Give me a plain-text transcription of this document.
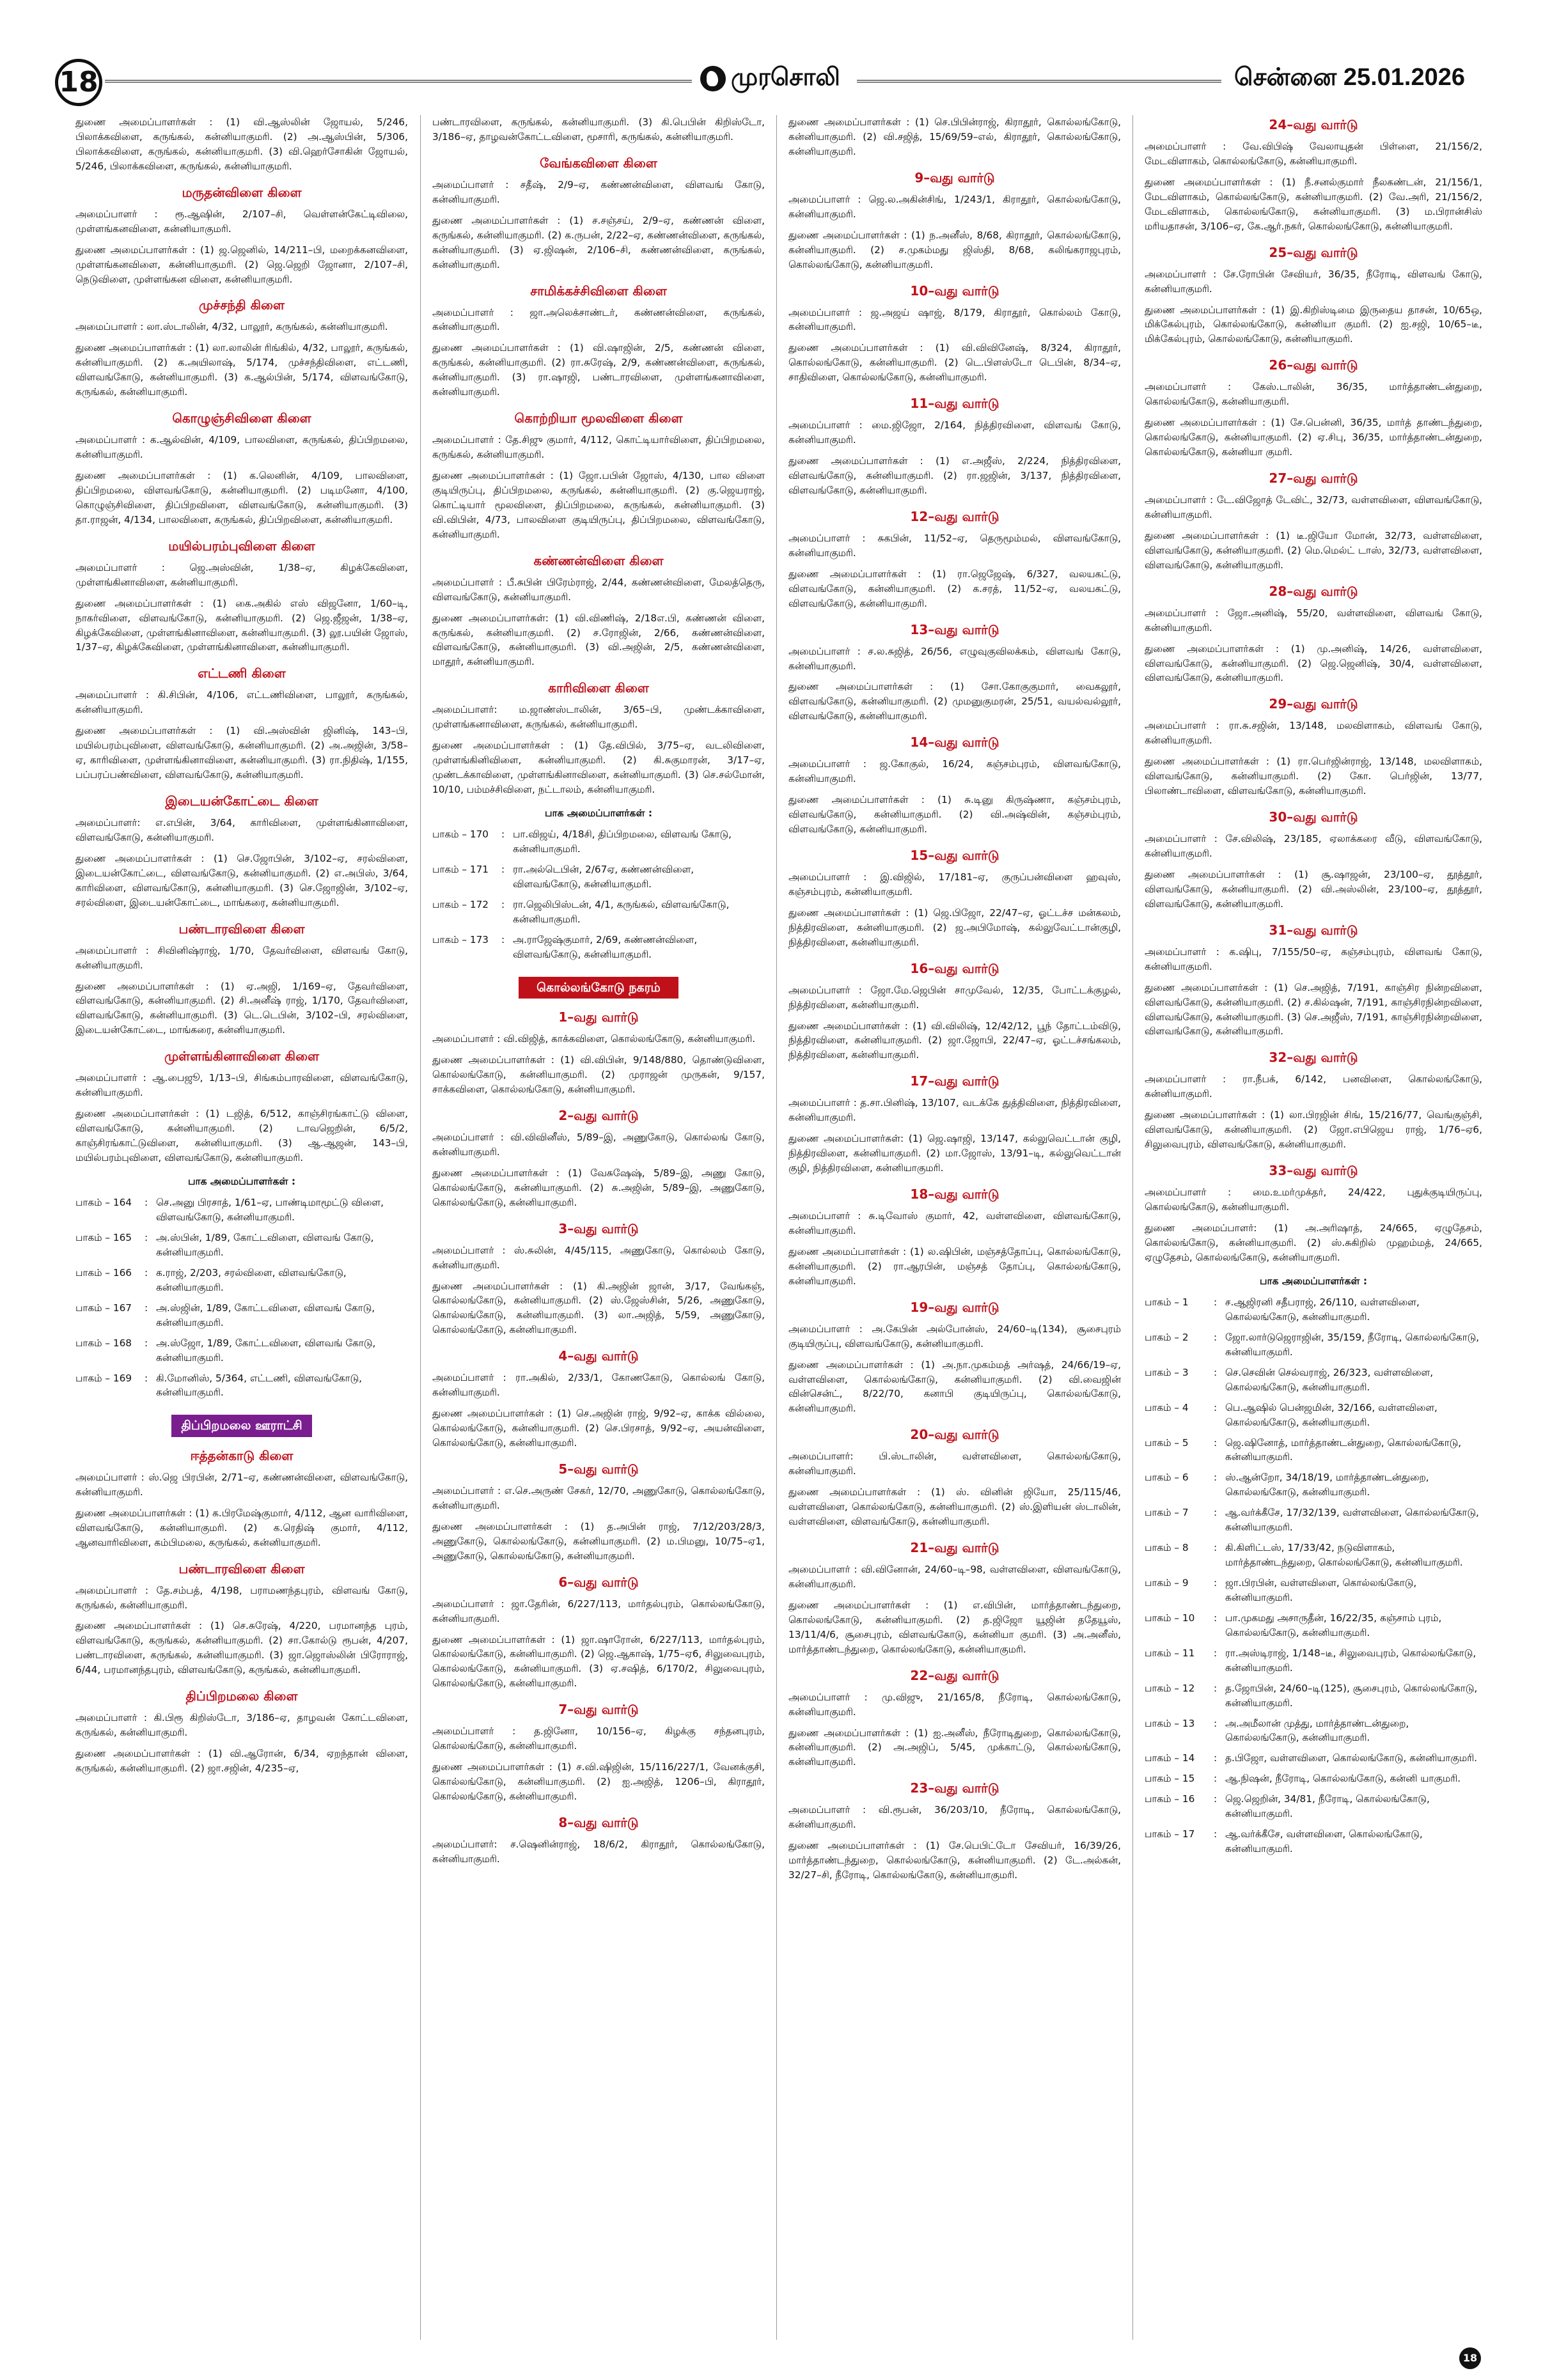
18	முரசொலி	சென்னை 25.01.2026

துணை அமைப்பாளர்கள் : (1) வி.ஆஸ்லின் ஜோயல், 5/246, பிலாக்கவிளை, கருங்கல், கன்னியாகுமரி. (2) அ.ஆஸ்பின், 5/306, பிலாக்கவிளை, கருங்கல், கன்னியாகுமரி. (3) வி.ஹெர்சோகின் ஜோயல், 5/246, பிலாக்கவிளை, கருங்கல், கன்னியாகுமரி.

மருதன்விளை கிளை

அமைப்பாளர் : ரூ.ஆஷின், 2/107–சி, வெள்ளன்கேட்டிவிலை, முள்ளங்கனவிளை, கன்னியாகுமரி.

துணை அமைப்பாளர்கள் : (1) ஜ.ஜெனில், 14/211–பி, மறைக்கனவிளை, முள்ளங்கனவிளை, கன்னியாகுமரி. (2) ஜெ.ஜெறி ஜோனா, 2/107–சி, நெடுவிளை, முள்ளங்கன விளை, கன்னியாகுமரி.

முச்சந்தி கிளை

அமைப்பாளர் : லா.ஸ்டாலின், 4/32, பாலூர், கருங்கல், கன்னியாகுமரி.

துணை அமைப்பாளர்கள் : (1) லா.லாலின் ரிங்கில், 4/32, பாலூர், கருங்கல், கன்னியாகுமரி. (2) க.அயிலாஷ், 5/174, முச்சந்திவிளை, எட்டணி, விளவங்கோடு, கன்னியாகுமரி. (3) க.ஆல்பின், 5/174, விளவங்கோடு, கருங்கல், கன்னியாகுமரி.

கொழுஞ்சிவிளை கிளை

அமைப்பாளர் : க.ஆல்வின், 4/109, பாலவிளை, கருங்கல், திப்பிறமலை, கன்னியாகுமரி.

துணை அமைப்பாளர்கள் : (1) க.லெனின், 4/109, பாலவிளை, திப்பிறமலை, விளவங்கோடு, கன்னியாகுமரி. (2) படிமனோ, 4/100, கொழுஞ்சிவிளை, திப்பிறவிளை, விளவங்கோடு, கன்னியாகுமரி. (3) தா.ராஜன், 4/134, பாலவிளை, கருங்கல், திப்பிறவிளை, கன்னியாகுமரி.

மயில்பரம்புவிளை கிளை

அமைப்பாளர் : ஜெ.அஸ்வின், 1/38–ஏ, கிழக்கேவிளை, முள்ளங்கினாவிளை, கன்னியாகுமரி.

துணை அமைப்பாளர்கள் : (1) கை.அகில் எஸ் விஜனோ, 1/60–டி, நாகர்விளை, விளவங்கோடு, கன்னியாகுமரி. (2) ஜெ.ஜீஜன், 1/38–ஏ, கிழக்கேவிளை, முள்ளங்கினாவிளை, கன்னியாகுமரி. (3) லூ.பயின் ஜோஸ், 1/37–ஏ, கிழக்கேவிளை, முள்ளங்கினாவிளை, கன்னியாகுமரி.

எட்டணி கிளை

அமைப்பாளர் : கி.சிபின், 4/106, எட்டணிவிளை, பாலூர், கருங்கல், கன்னியாகுமரி.

துணை அமைப்பாளர்கள் : (1) வி.அஸ்வின் ஜினிஷ், 143–பி, மயில்பரம்புவிளை, விளவங்கோடு, கன்னியாகுமரி. (2) அ.அஜின், 3/58–ஏ, காரிவிளை, முள்ளங்கினாவிளை, கன்னியாகுமரி. (3) ரா.நிதிஷ், 1/155, பப்பரப்பண்விளை, விளவங்கோடு, கன்னியாகுமரி.

இடையன்கோட்டை கிளை

அமைப்பாளர்: எ.எபின், 3/64, காரிவிளை, முள்ளங்கினாவிளை, விளவங்கோடு, கன்னியாகுமரி.

துணை அமைப்பாளர்கள் : (1) செ.ஜோபின், 3/102–ஏ, சரல்விளை, இடையன்கோட்டை, விளவங்கோடு, கன்னியாகுமரி. (2) எ.அபிஸ், 3/64, காரிவிளை, விளவங்கோடு, கன்னியாகுமரி. (3) செ.ஜோஜின், 3/102–ஏ, சரல்விளை, இடையன்கோட்டை, மாங்கரை, கன்னியாகுமரி.

பண்டாரவிளை கிளை

அமைப்பாளர் : சிவினிஷ்ராஜ், 1/70, தேவர்விளை, விளவங் கோடு, கன்னியாகுமரி.

துணை அமைப்பாளர்கள் : (1) ஏ.அஜி, 1/169–ஏ, தேவர்விளை, விளவங்கோடு, கன்னியாகுமரி. (2) சி.அனீஷ் ராஜ், 1/170, தேவர்விளை, விளவங்கோடு, கன்னியாகுமரி. (3) டெ.டெபின், 3/102–பி, சரல்விளை, இடையன்கோட்டை, மாங்கரை, கன்னியாகுமரி.

முள்ளங்கினாவிளை கிளை

அமைப்பாளர் : ஆ.பைஜூ, 1/13–பி, சிங்கம்பாரவிளை, விளவங்கோடு, கன்னியாகுமரி.

துணை அமைப்பாளர்கள் : (1) டஜித், 6/512, காஞ்சிரங்காட்டு விளை, விளவங்கோடு, கன்னியாகுமரி. (2) டாவஜெறின், 6/5/2, காஞ்சிரங்காட்டுவிளை, கன்னியாகுமரி. (3) ஆ.ஆஜன், 143–பி, மயில்பரம்புவிளை, விளவங்கோடு, கன்னியாகுமரி.

பாக அமைப்பாளர்கள் :
பாகம் – 164	:	செ.அனு பிரசாத், 1/61–ஏ, பாண்டிமாமூட்டு விளை, விளவங்கோடு, கன்னியாகுமரி.
பாகம் – 165	:	அ.ஸ்பின், 1/89, கோட்டவிளை, விளவங் கோடு, கன்னியாகுமரி.
பாகம் – 166	:	க.ராஜ், 2/203, சரல்விளை, விளவங்கோடு, கன்னியாகுமரி.
பாகம் – 167	:	அ.ஸ்ஜின், 1/89, கோட்டவிளை, விளவங் கோடு, கன்னியாகுமரி.
பாகம் – 168	:	அ.ஸ்ஜோ, 1/89, கோட்டவிளை, விளவங் கோடு, கன்னியாகுமரி.
பாகம் – 169	:	கி.மோனிஸ், 5/364, எட்டணி, விளவங்கோடு, கன்னியாகுமரி.
திப்பிறமலை ஊராட்சி
ஈத்தன்காடு கிளை

அமைப்பாளர் : ஸ்.ஜெ பிரபின், 2/71–ஏ, கண்ணன்விளை, விளவங்கோடு, கன்னியாகுமரி.

துணை அமைப்பாளர்கள் : (1) க.பிரமேஷ்குமார், 4/112, ஆன வாரிவிளை, விளவங்கோடு, கன்னியாகுமரி. (2) க.ரெதிஷ் குமார், 4/112, ஆனவாரிவிளை, கம்பிமலை, கருங்கல், கன்னியாகுமரி.

பண்டாரவிளை கிளை

அமைப்பாளர் : தே.சம்பத், 4/198, பராமணந்தபுரம், விளவங் கோடு, கருங்கல், கன்னியாகுமரி.

துணை அமைப்பாளர்கள் : (1) செ.சுரேஷ், 4/220, பரமானந்த புரம், விளவங்கோடு, கருங்கல், கன்னியாகுமரி. (2) சா.கோல்டு ரூபன், 4/207, பண்டாரவிளை, கருங்கல், கன்னியாகுமரி. (3) ஜா.ஜொஸ்லின் பிரோராஜ், 6/44, பரமானந்தபுரம், விளவங்கோடு, கருங்கல், கன்னியாகுமரி.

திப்பிறமலை கிளை

அமைப்பாளர் : கி.பிரூ கிறிஸ்டோ, 3/186–ஏ, தாழவன் கோட்டவிளை, கருங்கல், கன்னியாகுமரி.

துணை அமைப்பாளர்கள் : (1) வி.ஆரோன், 6/34, ஏறந்தான் விளை, கருங்கல், கன்னியாகுமரி. (2) ஜா.சஜின், 4/235–ஏ,

பண்டாரவிளை, கருங்கல், கன்னியாகுமரி. (3) கி.பெபின் கிறிஸ்டோ, 3/186–ஏ, தாழவன்கோட்டவிளை, மூசாரி, கருங்கல், கன்னியாகுமரி.

வேங்கவிளை கிளை

அமைப்பாளர் : சதீஷ், 2/9–ஏ, கண்ணன்விளை, விளவங் கோடு, கன்னியாகுமரி.

துணை அமைப்பாளர்கள் : (1) ச.சஞ்சய், 2/9–ஏ, கண்ணன் விளை, கருங்கல், கன்னியாகுமரி. (2) க.ருபன், 2/22–ஏ, கண்ணன்விளை, கருங்கல், கன்னியாகுமரி. (3) ஏ.ஜிஷன், 2/106–சி, கண்ணன்விளை, கருங்கல், கன்னியாகுமரி.

சாமிக்கச்சிவிளை கிளை

அமைப்பாளர் : ஜா.அலெக்சாண்டர், கண்ணன்விளை, கருங்கல், கன்னியாகுமரி.

துணை அமைப்பாளர்கள் : (1) வி.ஷாஜின், 2/5, கண்ணன் விளை, கருங்கல், கன்னியாகுமரி. (2) ரா.சுரேஷ், 2/9, கண்ணன்விளை, கருங்கல், கன்னியாகுமரி. (3) ரா.ஷாஜி, பண்டாரவிளை, முள்ளங்கனாவிளை, கன்னியாகுமரி.

கொற்றியா மூலவிளை கிளை

அமைப்பாளர் : தே.சிஜு குமார், 4/112, கொட்டியார்விளை, திப்பிறமலை, கருங்கல், கன்னியாகுமரி.

துணை அமைப்பாளர்கள் : (1) ஜோ.பபின் ஜோஸ், 4/130, பால விளை குடியிருப்பு, திப்பிறமலை, கருங்கல், கன்னியாகுமரி. (2) கு.ஜெயராஜ், கொட்டியார் மூலவிளை, திப்பிறமலை, கருங்கல், கன்னியாகுமரி. (3) வி.விபின், 4/73, பாலவிளை குடியிருப்பு, திப்பிறமலை, விளவங்கோடு, கன்னியாகுமரி.

கண்ணன்விளை கிளை

அமைப்பாளர் : பீ.சுபின் பிரேம்ராஜ், 2/44, கண்ணன்விளை, மேலத்தெரு, விளவங்கோடு, கன்னியாகுமரி.

துணை அமைப்பாளர்கள்: (1) வி.விணிஷ், 2/18எ.பி, கண்ணன் விளை, கருங்கல், கன்னியாகுமரி. (2) ச.ரோஜின், 2/66, கண்ணன்விளை, விளவங்கோடு, கன்னியாகுமரி. (3) வி.அஜின், 2/5, கண்ணன்விளை, மாதூர், கன்னியாகுமரி.

காரிவிளை கிளை

அமைப்பாளர்: ம.ஜாண்ஸ்டாலின், 3/65–பி, முண்டக்காவிளை, முள்ளங்கனாவிளை, கருங்கல், கன்னியாகுமரி.

துணை அமைப்பாளர்கள் : (1) தே.விபில், 3/75–ஏ, வடலிவிளை, முள்ளங்கினிவிளை, கன்னியாகுமரி. (2) கி.சுகுமாரன், 3/17–ஏ, முண்டக்காவிளை, முள்ளங்கினாவிளை, கன்னியாகுமரி. (3) செ.சல்மோன், 10/10, பம்மச்சிவிளை, நட்டாலம், கன்னியாகுமரி.

பாக அமைப்பாளர்கள் :
பாகம் – 170	:	பா.விஜய், 4/18சி, திப்பிறமலை, விளவங் கோடு, கன்னியாகுமரி.
பாகம் – 171	:	ரா.அல்டெபின், 2/67ஏ, கண்ணன்விளை, விளவங்கோடு, கன்னியாகுமரி.
பாகம் – 172	:	ரா.ஜெலிபிஸ்டன், 4/1, கருங்கல், விளவங்கோடு, கன்னியாகுமரி.
பாகம் – 173	:	அ.ராஜேஷ்குமார், 2/69, கண்ணன்விளை, விளவங்கோடு, கன்னியாகுமரி.
கொல்லங்கோடு நகரம்
1–வது வார்டு

அமைப்பாளர் : வி.விஜித், காக்கவிளை, கொல்லங்கோடு, கன்னியாகுமரி.

துணை அமைப்பாளர்கள் : (1) வி.விபின், 9/148/880, தொண்டுவிளை, கொல்லங்கோடு, கன்னியாகுமரி. (2) முராஜன் முருகன், 9/157, சாக்கவிளை, கொல்லங்கோடு, கன்னியாகுமரி.

2–வது வார்டு

அமைப்பாளர் : வி.விவினீஸ், 5/89–இ, அணுகோடு, கொல்லங் கோடு, கன்னியாகுமரி.

துணை அமைப்பாளர்கள் : (1) வேசுஷேஷ், 5/89–இ, அணு கோடு, கொல்லங்கோடு, கன்னியாகுமரி. (2) சு.அஜின், 5/89–இ, அணுகோடு, கொல்லங்கோடு, கன்னியாகுமரி.

3–வது வார்டு

அமைப்பாளர் : ஸ்.சுலின், 4/45/115, அணுகோடு, கொல்லம் கோடு, கன்னியாகுமரி.

துணை அமைப்பாளர்கள் : (1) கி.அஜின் ஜான், 3/17, வேங்கஞ், கொல்லங்கோடு, கன்னியாகுமரி. (2) ஸ்.ஜேஸ்சின், 5/26, அணுகோடு, கொல்லங்கோடு, கன்னியாகுமரி. (3) லா.அஜித், 5/59, அணுகோடு, கொல்லங்கோடு, கன்னியாகுமரி.

4–வது வார்டு

அமைப்பாளர் : ரா.அகில், 2/33/1, கோணகோடு, கொல்லங் கோடு, கன்னியாகுமரி.

துணை அமைப்பாளர்கள் : (1) செ.அஜின் ராஜ், 9/92–ஏ, காக்க வில்லை, கொல்லங்கோடு, கன்னியாகுமரி. (2) செ.பிரசாத், 9/92–ஏ, அயன்விளை, கொல்லங்கோடு, கன்னியாகுமரி.

5–வது வார்டு

அமைப்பாளர் : எ.செ.அருண் சேகர், 12/70, அணுகோடு, கொல்லங்கோடு, கன்னியாகுமரி.

துணை அமைப்பாளர்கள் : (1) த.அபின் ராஜ், 7/12/203/28/3, அணுகோடு, கொல்லங்கோடு, கன்னியாகுமரி. (2) ம.பிமனு, 10/75–ஏ1, அணுகோடு, கொல்லங்கோடு, கன்னியாகுமரி.

6–வது வார்டு

அமைப்பாளர் : ஜா.தேரின், 6/227/113, மார்தல்புரம், கொல்லங்கோடு, கன்னியாகுமரி.

துணை அமைப்பாளர்கள் : (1) ஜா.ஷாரோன், 6/227/113, மார்தல்புரம், கொல்லங்கோடு, கன்னியாகுமரி. (2) ஜெ.ஆகாஷ், 1/75–ஏ6, சிலுவைபுரம், கொல்லங்கோடு, கன்னியாகுமரி. (3) ஏ.சஷித், 6/170/2, சிலுவைபுரம், கொல்லங்கோடு, கன்னியாகுமரி.

7–வது வார்டு

அமைப்பாளர் : த.ஜினோ, 10/156–ஏ, கிழக்கு சந்தனபுரம், கொல்லங்கோடு, கன்னியாகுமரி.

துணை அமைப்பாளர்கள் : (1) ச.வி.ஷிஜின், 15/116/227/1, வேனக்குசி, கொல்லங்கோடு, கன்னியாகுமரி. (2) ஐ.அஜித், 1206–பி, கிராதூர், கொல்லங்கோடு, கன்னியாகுமரி.

8–வது வார்டு

அமைப்பாளர்: ச.ஷெனின்ராஜ், 18/6/2, கிராதூர், கொல்லங்கோடு, கன்னியாகுமரி.

துணை அமைப்பாளர்கள் : (1) செ.பிபின்ராஜ், கிராதூர், கொல்லங்கோடு, கன்னியாகுமரி. (2) வி.சஜித், 15/69/59–எல், கிராதூர், கொல்லங்கோடு, கன்னியாகுமரி.

9–வது வார்டு

அமைப்பாளர் : ஜெ.ல.அகின்சிங், 1/243/1, கிராதூர், கொல்லங்கோடு, கன்னியாகுமரி.

துணை அமைப்பாளர்கள் : (1) ந.அனீஸ், 8/68, கிராதூர், கொல்லங்கோடு, கன்னியாகுமரி. (2) ச.முகம்மது ஜிஸ்தி, 8/68, கலிங்கராஜபுரம், கொல்லங்கோடு, கன்னியாகுமரி.

10–வது வார்டு

அமைப்பாளர் : ஜ.அஜய் ஷாஜ், 8/179, கிராதூர், கொல்லம் கோடு, கன்னியாகுமரி.

துணை அமைப்பாளர்கள் : (1) வி.விவினேஷ், 8/324, கிராதூர், கொல்லங்கோடு, கன்னியாகுமரி. (2) டெ.பிளஸ்டோ டெபின், 8/34–ஏ, சாதிவிளை, கொல்லங்கோடு, கன்னியாகுமரி.

11–வது வார்டு

அமைப்பாளர் : மை.ஜிஜோ, 2/164, நித்திரவிளை, விளவங் கோடு, கன்னியாகுமரி.

துணை அமைப்பாளர்கள் : (1) எ.அஜீஸ், 2/224, நித்திரவிளை, விளவங்கோடு, கன்னியாகுமரி. (2) ரா.ஜஜின், 3/137, நித்திரவிளை, விளவங்கோடு, கன்னியாகுமரி.

12–வது வார்டு

அமைப்பாளர் : சுகபின், 11/52–ஏ, தெருமூம்மல், விளவங்கோடு, கன்னியாகுமரி.

துணை அமைப்பாளர்கள் : (1) ரா.ஜெஜேஷ், 6/327, வலயகட்டு, விளவங்கோடு, கன்னியாகுமரி. (2) க.சரத், 11/52–ஏ, வலயகட்டு, விளவங்கோடு, கன்னியாகுமரி.

13–வது வார்டு

அமைப்பாளர் : ச.ல.சுஜித், 26/56, எழுவுகுவிலக்கம், விளவங் கோடு, கன்னியாகுமரி.

துணை அமைப்பாளர்கள் : (1) சோ.கோகுகுமார், வைகலூர், விளவங்கோடு, கன்னியாகுமரி. (2) முமனுகுமரன், 25/51, வயல்வல்லூர், விளவங்கோடு, கன்னியாகுமரி.

14–வது வார்டு

அமைப்பாளர் : ஜ.கோகுல், 16/24, கஞ்சம்புரம், விளவங்கோடு, கன்னியாகுமரி.

துணை அமைப்பாளர்கள் : (1) சு.டினு கிருஷ்ணா, கஞ்சம்புரம், விளவங்கோடு, கன்னியாகுமரி. (2) வி.அஷ்வின், கஞ்சம்புரம், விளவங்கோடு, கன்னியாகுமரி.

15–வது வார்டு

அமைப்பாளர் : இ.விஜில், 17/181–ஏ, குருப்பன்விளை ஹவுஸ், கஞ்சம்புரம், கன்னியாகுமரி.

துணை அமைப்பாளர்கள் : (1) ஜெ.பிஜோ, 22/47–ஏ, ஓட்டச்ச மன்கலம், நித்திரவிளை, கன்னியாகுமரி. (2) ஜ.அபிமோஷ், கல்லுவேட்டான்குழி, நித்திரவிளை, கன்னியாகுமரி.

16–வது வார்டு

அமைப்பாளர் : ஜோ.மே.ஜெபின் சாமுவேல், 12/35, போட்டக்குழல், நித்திரவிளை, கன்னியாகுமரி.

துணை அமைப்பாளர்கள் : (1) வி.விலிஷ், 12/42/12, பூந் தோட்டம்விடு, நித்திரவிளை, கன்னியாகுமரி. (2) ஜா.ஜோபி, 22/47–ஏ, ஓட்டச்சங்கலம், நித்திரவிளை, கன்னியாகுமரி.

17–வது வார்டு

அமைப்பாளர் : த.சா.பினிஷ், 13/107, வடக்கே துத்திவிளை, நித்திரவிளை, கன்னியாகுமரி.

துணை அமைப்பாளர்கள்: (1) ஜெ.ஷாஜி, 13/147, கல்லுவெட்டான் குழி, நித்திரவிளை, கன்னியாகுமரி. (2) மா.ஜோஸ், 13/91–டி, கல்லுவெட்டான் குழி, நித்திரவிளை, கன்னியாகுமரி.

18–வது வார்டு

அமைப்பாளர் : சு.டிவோஸ் குமார், 42, வள்ளவிளை, விளவங்கோடு, கன்னியாகுமரி.

துணை அமைப்பாளர்கள் : (1) ல.ஷிபின், மஞ்சத்தோப்பு, கொல்லங்கோடு, கன்னியாகுமரி. (2) ரா.ஆரபின், மஞ்சத் தோப்பு, கொல்லங்கோடு, கன்னியாகுமரி.

19–வது வார்டு

அமைப்பாளர் : அ.கேபின் அல்போன்ஸ், 24/60–டி(134), சூசைபுரம் குடியிருப்பு, விளவங்கோடு, கன்னியாகுமரி.

துணை அமைப்பாளர்கள் : (1) அ.நா.முகம்மத் அர்ஷத், 24/66/19–ஏ, வள்ளவிளை, கொல்லங்கோடு, கன்னியாகுமரி. (2) வி.வைஜின் வின்சென்ட், 8/22/70, கனாபி குடியிருப்பு, கொல்லங்கோடு, கன்னியாகுமரி.

20–வது வார்டு

அமைப்பாளர்: பி.ஸ்டாலின், வள்ளவிளை, கொல்லங்கோடு, கன்னியாகுமரி.

துணை அமைப்பாளர்கள் : (1) ஸ். வினின் ஜியோ, 25/115/46, வள்ளவிளை, கொல்லங்கோடு, கன்னியாகுமரி. (2) ஸ்.இளியன் ஸ்டாலின், வள்ளவிளை, விளவங்கோடு, கன்னியாகுமரி.

21–வது வார்டு

அமைப்பாளர் : வி.வினோன், 24/60–டி–98, வள்ளவிளை, விளவங்கோடு, கன்னியாகுமரி.

துணை அமைப்பாளர்கள் : (1) எ.விபின், மார்த்தாண்டந்துறை, கொல்லங்கோடு, கன்னியாகுமரி. (2) த.ஜிஜோ யூஜின் ததேயூஸ், 13/11/4/6, சூசைபுரம், விளவங்கோடு, கன்னியா குமரி. (3) அ.அனீஸ், மார்த்தாண்டந்துறை, கொல்லங்கோடு, கன்னியாகுமரி.

22–வது வார்டு

அமைப்பாளர் : மு.விஜு, 21/165/8, நீரோடி, கொல்லங்கோடு, கன்னியாகுமரி.

துணை அமைப்பாளர்கள் : (1) ஐ.அனீஸ், நீரோடிதுறை, கொல்லங்கோடு, கன்னியாகுமரி. (2) அ.அஜிப், 5/45, முக்காட்டு, கொல்லங்கோடு, கன்னியாகுமரி.

23–வது வார்டு

அமைப்பாளர் : வி.ரூபன், 36/203/10, நீரோடி, கொல்லங்கோடு, கன்னியாகுமரி.

துணை அமைப்பாளர்கள் : (1) சே.பெபிட்டோ சேவியர், 16/39/26, மார்த்தாண்டந்துறை, கொல்லங்கோடு, கன்னியாகுமரி. (2) டே.அல்கன், 32/27–சி, நீரோடி, கொல்லங்கோடு, கன்னியாகுமரி.

24–வது வார்டு

அமைப்பாளர் : வே.விபிஷ் வேலாயுதன் பிள்ளை, 21/156/2, மேடவிளாகம், கொல்லங்கோடு, கன்னியாகுமரி.

துணை அமைப்பாளர்கள் : (1) நீ.சனல்குமார் நீலகண்டன், 21/156/1, மேடவிளாகம், கொல்லங்கோடு, கன்னியாகுமரி. (2) வே.அரி, 21/156/2, மேடவிளாகம், கொல்லங்கோடு, கன்னியாகுமரி. (3) ம.பிரான்சிஸ் மரியதாசன், 3/106–ஏ, கே.ஆர்.நகர், கொல்லங்கோடு, கன்னியாகுமரி.

25–வது வார்டு

அமைப்பாளர் : சே.ரோபின் சேவியர், 36/35, நீரோடி, விளவங் கோடு, கன்னியாகுமரி.

துணை அமைப்பாளர்கள் : (1) இ.கிறிஸ்டிமை இருதைய தாசன், 10/65ஒ, மிக்கேல்புரம், கொல்லங்கோடு, கன்னியா குமரி. (2) ஐ.சஜி, 10/65–டீ, மிக்கேல்புரம், கொல்லங்கோடு, கன்னியாகுமரி.

26–வது வார்டு

அமைப்பாளர் : கேஸ்.டாலின், 36/35, மார்த்தாண்டன்துறை, கொல்லங்கோடு, கன்னியாகுமரி.

துணை அமைப்பாளர்கள் : (1) சே.பென்னி, 36/35, மார்த் தாண்டந்துறை, கொல்லங்கோடு, கன்னியாகுமரி. (2) ஏ.சிபு, 36/35, மார்த்தாண்டன்துறை, கொல்லங்கோடு, கன்னியா குமரி.

27–வது வார்டு

அமைப்பாளர் : டே.விஜோத் டேவிட், 32/73, வள்ளவிளை, விளவங்கோடு, கன்னியாகுமரி.

துணை அமைப்பாளர்கள் : (1) டீ.ஜியோ மோன், 32/73, வள்ளவிளை, விளவங்கோடு, கன்னியாகுமரி. (2) மெ.மெல்ட் டாஸ், 32/73, வள்ளவிளை, விளவங்கோடு, கன்னியாகுமரி.

28–வது வார்டு

அமைப்பாளர் : ஜோ.அனிஷ், 55/20, வள்ளவிளை, விளவங் கோடு, கன்னியாகுமரி.

துணை அமைப்பாளர்கள் : (1) மு.அனிஷ், 14/26, வள்ளவிளை, விளவங்கோடு, கன்னியாகுமரி. (2) ஜெ.ஜெனிஷ், 30/4, வள்ளவிளை, விளவங்கோடு, கன்னியாகுமரி.

29–வது வார்டு

அமைப்பாளர் : ரா.சு.சஜின், 13/148, மலவிளாகம், விளவங் கோடு, கன்னியாகுமரி.

துணை அமைப்பாளர்கள் : (1) ரா.பெர்ஜின்ராஜ், 13/148, மலவிளாகம், விளவங்கோடு, கன்னியாகுமரி. (2) கோ. பெர்ஜின், 13/77, பிலாண்டாவிளை, விளவங்கோடு, கன்னியாகுமரி.

30–வது வார்டு

அமைப்பாளர் : சே.விலிஷ், 23/185, ஏலாக்கரை வீடு, விளவங்கோடு, கன்னியாகுமரி.

துணை அமைப்பாளர்கள் : (1) சூ.ஷாஜன், 23/100–ஏ, தூத்தூர், விளவங்கோடு, கன்னியாகுமரி. (2) வி.அஸ்லின், 23/100–ஏ, தூத்தூர், விளவங்கோடு, கன்னியாகுமரி.

31–வது வார்டு

அமைப்பாளர் : க.ஷிபு, 7/155/50–ஏ, கஞ்சம்புரம், விளவங் கோடு, கன்னியாகுமரி.

துணை அமைப்பாளர்கள் : (1) செ.அஜித், 7/191, காஞ்சிர நின்றவிளை, விளவங்கோடு, கன்னியாகுமரி. (2) ச.கில்ஷன், 7/191, காஞ்சிரநின்றவிளை, விளவங்கோடு, கன்னியாகுமரி. (3) செ.அஜீஸ், 7/191, காஞ்சிரநின்றவிளை, விளவங்கோடு, கன்னியாகுமரி.

32–வது வார்டு

அமைப்பாளர் : ரா.நீபக், 6/142, பனவிளை, கொல்லங்கோடு, கன்னியாகுமரி.

துணை அமைப்பாளர்கள் : (1) லா.பிரஜின் சிங், 15/216/77, வெங்குஞ்சி, விளவங்கோடு, கன்னியாகுமரி. (2) ஜோ.எபிஜெய ராஜ், 1/76–ஏ6, சிலுவைபுரம், விளவங்கோடு, கன்னியாகுமரி.

33–வது வார்டு

அமைப்பாளர் : மை.உமர்முக்தர், 24/422, புதுக்குடியிருப்பு, கொல்லங்கோடு, கன்னியாகுமரி.

துணை அமைப்பாளர்: (1) அ.அரிஷாத், 24/665, ஏழுதேசம், கொல்லங்கோடு, கன்னியாகுமரி. (2) ஸ்.சுகிறில் முஹம்மத், 24/665, ஏழுதேசம், கொல்லங்கோடு, கன்னியாகுமரி.

பாக அமைப்பாளர்கள் :
பாகம் – 1	:	ச.ஆஜிரனி சதீபராஜ், 26/110, வள்ளவிளை, கொல்லங்கோடு, கன்னியாகுமரி.
பாகம் – 2	:	ஜோ.லார்டுஜெராஜின், 35/159, நீரோடி, கொல்லங்கோடு, கன்னியாகுமரி.
பாகம் – 3	:	செ.செவின் செல்வராஜ், 26/323, வள்ளவிளை, கொல்லங்கோடு, கன்னியாகுமரி.
பாகம் – 4	:	பெ.ஆஷில் பென்ஜமின், 32/166, வள்ளவிளை, கொல்லங்கோடு, கன்னியாகுமரி.
பாகம் – 5	:	ஜெ.ஷினோத், மார்த்தாண்டன்துறை, கொல்லங்கோடு, கன்னியாகுமரி.
பாகம் – 6	:	ஸ்.ஆன்றோ, 34/18/19, மார்த்தாண்டன்துறை, கொல்லங்கோடு, கன்னியாகுமரி.
பாகம் – 7	:	ஆ.வர்க்கீசே, 17/32/139, வள்ளவிளை, கொல்லங்கோடு, கன்னியாகுமரி.
பாகம் – 8	:	கி.கிளிட்டஸ், 17/33/42, நடுவிளாகம், மார்த்தாண்டந்துறை, கொல்லங்கோடு, கன்னியாகுமரி.
பாகம் – 9	:	ஜா.பிரபின், வள்ளவிளை, கொல்லங்கோடு, கன்னியாகுமரி.
பாகம் – 10	:	பா.முகமது அசாருதீன், 16/22/35, கஞ்சாம் புரம், கொல்லங்கோடு, கன்னியாகுமரி.
பாகம் – 11	:	ரா.அஸ்டிராஜ், 1/148–டீ, சிலுவைபுரம், கொல்லங்கோடு, கன்னியாகுமரி.
பாகம் – 12	:	த.ஜோபின், 24/60–டி(125), சூசைபுரம், கொல்லங்கோடு, கன்னியாகுமரி.
பாகம் – 13	:	அ.அமீலான் முத்து, மார்த்தாண்டன்துறை, கொல்லங்கோடு, கன்னியாகுமரி.
பாகம் – 14	:	த.பிஜோ, வள்ளவிளை, கொல்லங்கோடு, கன்னியாகுமரி.
பாகம் – 15	:	ஆ.நிஷன், நீரோடி, கொல்லங்கோடு, கன்னி யாகுமரி.
பாகம் – 16	:	ஜெ.ஜெறின், 34/81, நீரோடி, கொல்லங்கோடு, கன்னியாகுமரி.
பாகம் – 17	:	ஆ.வர்க்கீசே, வள்ளவிளை, கொல்லங்கோடு, கன்னியாகுமரி.
18
